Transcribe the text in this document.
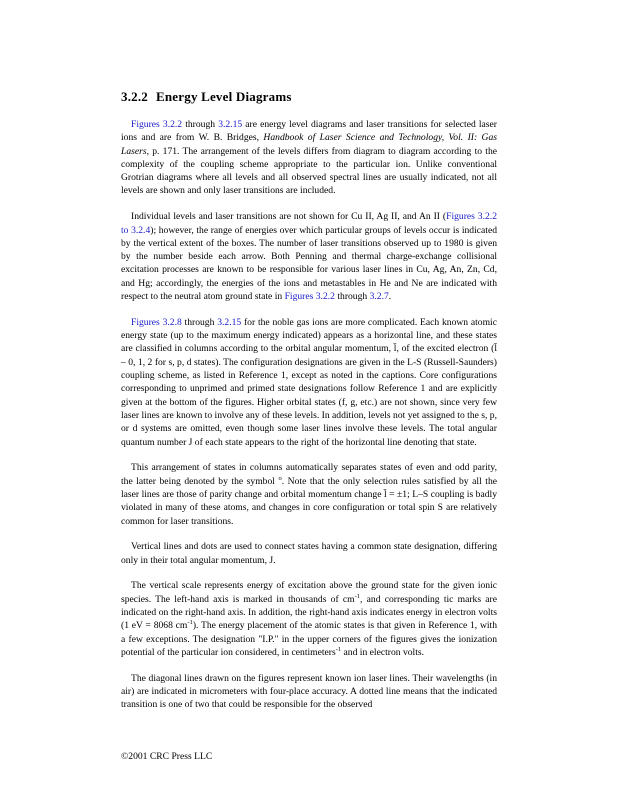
3.2.2 Energy Level Diagrams

Figures 3.2.2 through 3.2.15 are energy level diagrams and laser transitions for selected laser ions and are from W. B. Bridges, Handbook of Laser Science and Technology, Vol. II: Gas Lasers, p. 171. The arrangement of the levels differs from diagram to diagram according to the complexity of the coupling scheme appropriate to the particular ion. Unlike conventional Grotrian diagrams where all levels and all observed spectral lines are usually indicated, not all levels are shown and only laser transitions are included.

Individual levels and laser transitions are not shown for Cu II, Ag II, and An II (Figures 3.2.2 to 3.2.4); however, the range of energies over which particular groups of levels occur is indicated by the vertical extent of the boxes. The number of laser transitions observed up to 1980 is given by the number beside each arrow. Both Penning and thermal charge-exchange collisional excitation processes are known to be responsible for various laser lines in Cu, Ag, An, Zn, Cd, and Hg; accordingly, the energies of the ions and metastables in He and Ne are indicated with respect to the neutral atom ground state in Figures 3.2.2 through 3.2.7.

Figures 3.2.8 through 3.2.15 for the noble gas ions are more complicated. Each known atomic energy state (up to the maximum energy indicated) appears as a horizontal line, and these states are classified in columns according to the orbital angular momentum, l̄, of the excited electron (l̄ – 0, 1, 2 for s, p, d states). The configuration designations are given in the L-S (Russell-Saunders) coupling scheme, as listed in Reference 1, except as noted in the captions. Core configurations corresponding to unprimed and primed state designations follow Reference 1 and are explicitly given at the bottom of the figures. Higher orbital states (f, g, etc.) are not shown, since very few laser lines are known to involve any of these levels. In addition, levels not yet assigned to the s, p, or d systems are omitted, even though some laser lines involve these levels. The total angular quantum number J of each state appears to the right of the horizontal line denoting that state.

This arrangement of states in columns automatically separates states of even and odd parity, the latter being denoted by the symbol $^o$. Note that the only selection rules satisfied by all the laser lines are those of parity change and orbital momentum change l̄ = ±1; L–S coupling is badly violated in many of these atoms, and changes in core configuration or total spin S are relatively common for laser transitions.

Vertical lines and dots are used to connect states having a common state designation, differing only in their total angular momentum, J.

The vertical scale represents energy of excitation above the ground state for the given ionic species. The left-hand axis is marked in thousands of $cm^{-1}$, and corresponding tic marks are indicated on the right-hand axis. In addition, the right-hand axis indicates energy in electron volts (1 eV = 8068 $cm^{-1}$). The energy placement of the atomic states is that given in Reference 1, with a few exceptions. The designation "I.P." in the upper corners of the figures gives the ionization potential of the particular ion considered, in centimeters$^{-1}$ and in electron volts.

The diagonal lines drawn on the figures represent known ion laser lines. Their wavelengths (in air) are indicated in micrometers with four-place accuracy. A dotted line means that the indicated transition is one of two that could be responsible for the observed

©2001 CRC Press LLC
